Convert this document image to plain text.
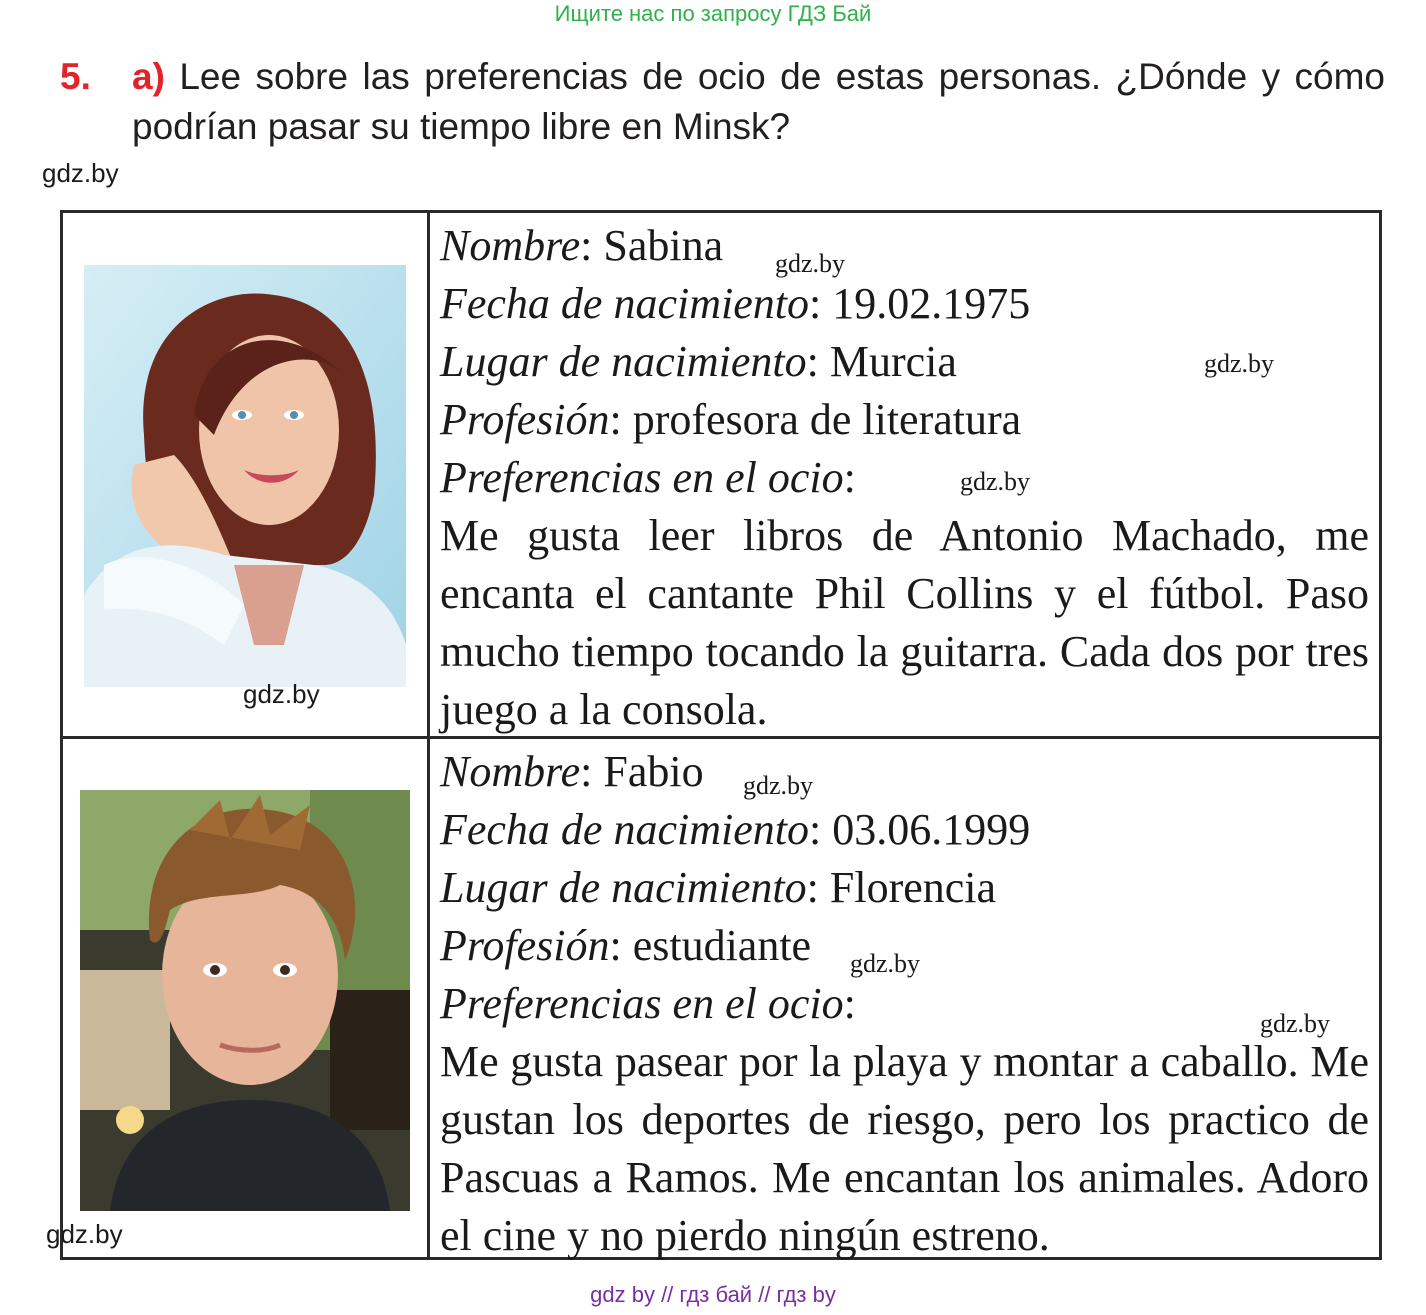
Ищите нас по запросу ГДЗ Бай
5. a) Lee sobre las preferencias de ocio de estas personas. ¿Dónde y cómo podrían pasar su tiempo libre en Minsk?
gdz.by
gdz.by
Nombre: Sabina
Fecha de nacimiento: 19.02.1975
Lugar de nacimiento: Murcia
Profesión: profesora de literatura
Preferencias en el ocio:
Me gusta leer libros de Antonio Machado, me encanta el cantante Phil Collins y el fútbol. Paso mucho tiempo tocando la guitarra. Cada dos por tres juego a la consola.
gdz.by
gdz.by
gdz.by
gdz.by
Nombre: Fabio
Fecha de nacimiento: 03.06.1999
Lugar de nacimiento: Florencia
Profesión: estudiante
Preferencias en el ocio:
Me gusta pasear por la playa y montar a caballo. Me gustan los deportes de riesgo, pero los practico de Pascuas a Ramos. Me encantan los animales. Adoro el cine y no pierdo ningún estreno.
gdz.by
gdz.by
gdz.by
gdz by // гдз бай // гдз by
